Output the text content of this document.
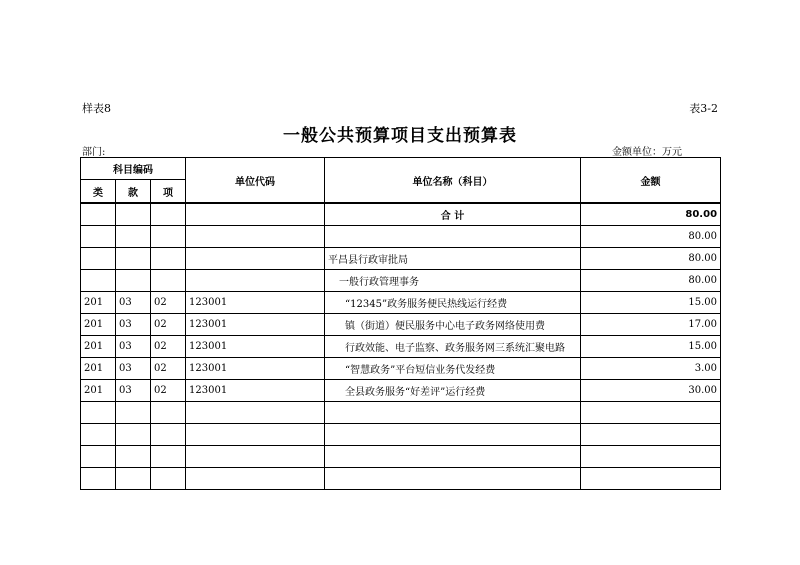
样表8	表3-2
一般公共预算项目支出预算表
部门:	金额单位：万元
科目编码			单位代码	单位名称（科目）	金额
类	款	项			
				合 计	80.00
					80.00
				平昌县行政审批局	80.00
				一般行政管理事务	80.00
201	03	02	123001	“12345”政务服务便民热线运行经费	15.00
201	03	02	123001	镇（街道）便民服务中心电子政务网络使用费	17.00
201	03	02	123001	行政效能、电子监察、政务服务网三系统汇聚电路	15.00
201	03	02	123001	“智慧政务”平台短信业务代发经费	3.00
201	03	02	123001	全县政务服务“好差评”运行经费	30.00
